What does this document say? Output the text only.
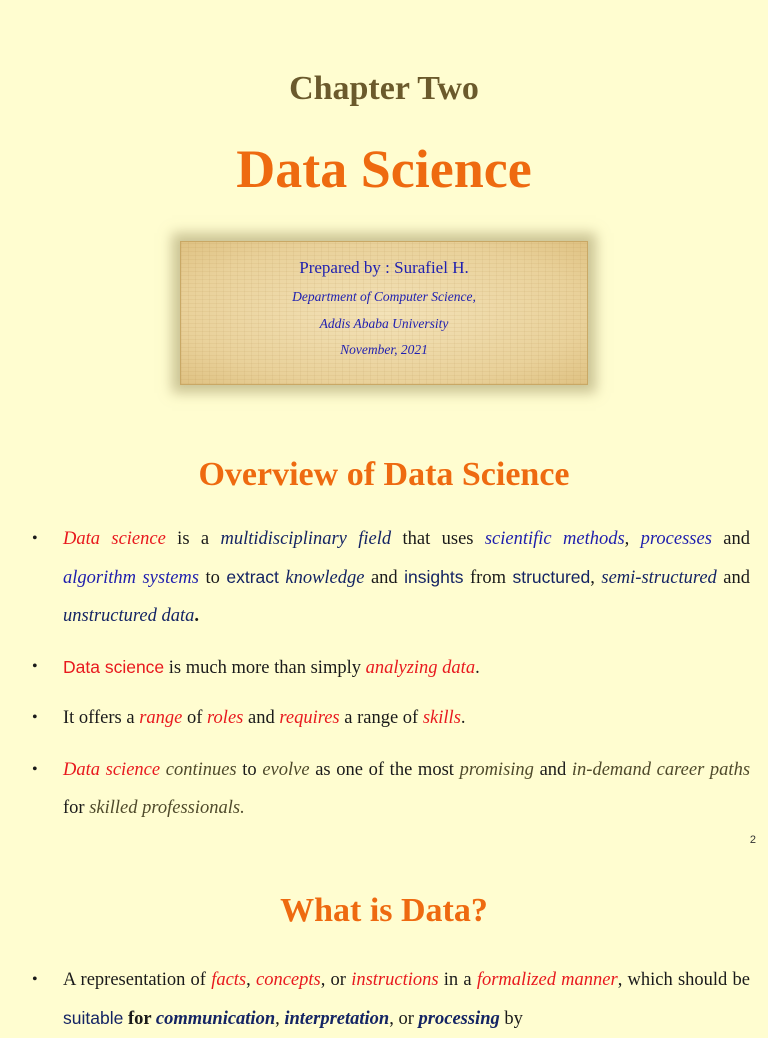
Chapter Two
Data Science

Prepared by : Surafiel H.

Department of Computer Science,

Addis Ababa University

November, 2021

Overview of Data Science
• Data science is a multidisciplinary field that uses scientific methods, processes and algorithm systems to extract knowledge and insights from structured, semi-structured and unstructured data.

• Data science is much more than simply analyzing data.

• It offers a range of roles and requires a range of skills.

• Data science continues to evolve as one of the most promising and in-demand career paths for skilled professionals.

2
What is Data?
• A representation of facts, concepts, or instructions in a formalized manner, which should be suitable for communication, interpretation, or processing by
